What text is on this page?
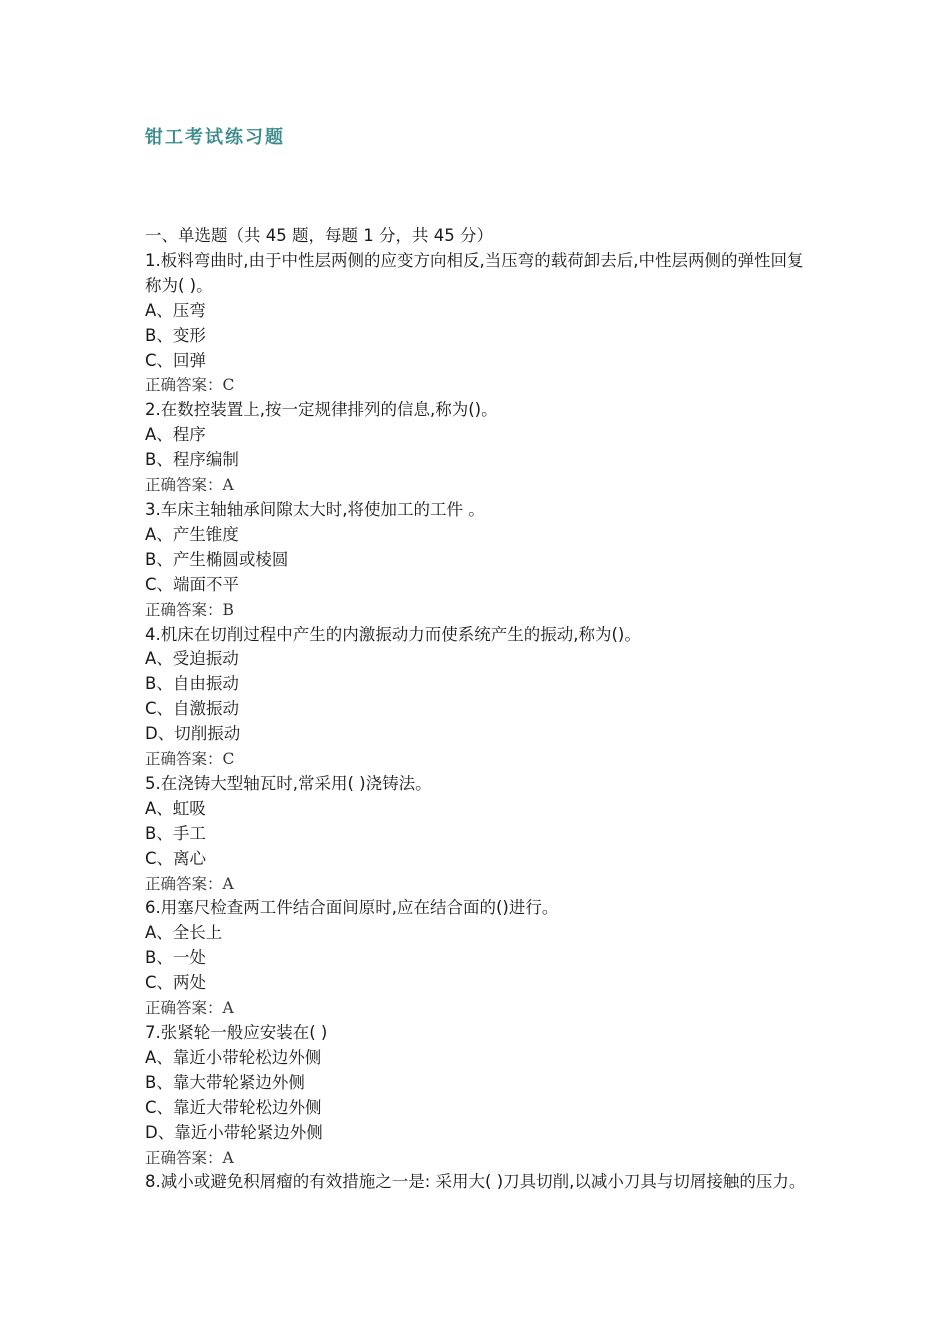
钳工考试练习题
一、单选题（共 45 题，每题 1 分，共 45 分）
1.板料弯曲时,由于中性层两侧的应变方向相反,当压弯的载荷卸去后,中性层两侧的弹性回复称为( )。
A、压弯
B、变形
C、回弹
正确答案：C
2.在数控装置上,按一定规律排列的信息,称为()。
A、程序
B、程序编制
正确答案：A
3.车床主轴轴承间隙太大时,将使加工的工件 。
A、产生锥度
B、产生椭圆或棱圆
C、端面不平
正确答案：B
4.机床在切削过程中产生的内激振动力而使系统产生的振动,称为()。
A、受迫振动
B、自由振动
C、自激振动
D、切削振动
正确答案：C
5.在浇铸大型轴瓦时,常采用( )浇铸法。
A、虹吸
B、手工
C、离心
正确答案：A
6.用塞尺检查两工件结合面间原时,应在结合面的()进行。
A、全长上
B、一处
C、两处
正确答案：A
7.张紧轮一般应安装在( )
A、靠近小带轮松边外侧
B、靠大带轮紧边外侧
C、靠近大带轮松边外侧
D、靠近小带轮紧边外侧
正确答案：A
8.减小或避免积屑瘤的有效措施之一是: 采用大( )刀具切削,以减小刀具与切屑接触的压力。
